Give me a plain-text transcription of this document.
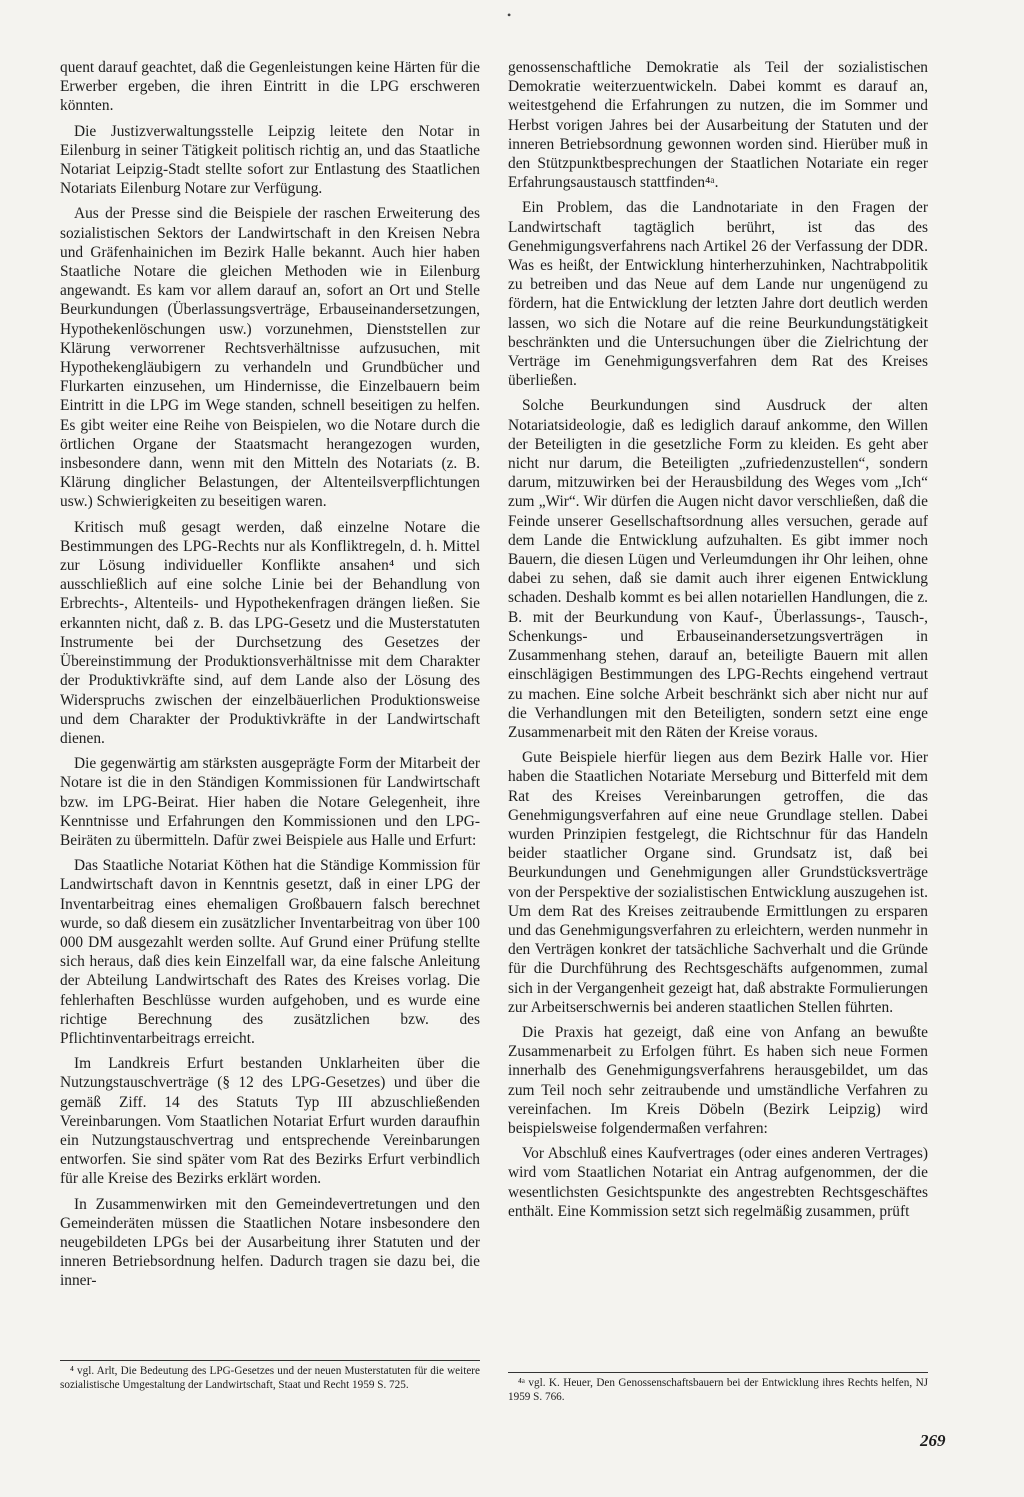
•

quent darauf geachtet, daß die Gegenleistungen keine Härten für die Erwerber ergeben, die ihren Eintritt in die LPG erschweren könnten.

Die Justizverwaltungsstelle Leipzig leitete den Notar in Eilenburg in seiner Tätigkeit politisch richtig an, und das Staatliche Notariat Leipzig-Stadt stellte sofort zur Entlastung des Staatlichen Notariats Eilenburg Notare zur Verfügung.

Aus der Presse sind die Beispiele der raschen Erweiterung des sozialistischen Sektors der Landwirtschaft in den Kreisen Nebra und Gräfenhainichen im Bezirk Halle bekannt. Auch hier haben Staatliche Notare die gleichen Methoden wie in Eilenburg angewandt. Es kam vor allem darauf an, sofort an Ort und Stelle Beurkundungen (Überlassungsverträge, Erbauseinandersetzungen, Hypothekenlöschungen usw.) vorzunehmen, Dienststellen zur Klärung verworrener Rechtsverhältnisse aufzusuchen, mit Hypothekengläubigern zu verhandeln und Grundbücher und Flurkarten einzusehen, um Hindernisse, die Einzelbauern beim Eintritt in die LPG im Wege standen, schnell beseitigen zu helfen. Es gibt weiter eine Reihe von Beispielen, wo die Notare durch die örtlichen Organe der Staatsmacht herangezogen wurden, insbesondere dann, wenn mit den Mitteln des Notariats (z. B. Klärung dinglicher Belastungen, der Altenteilsverpflichtungen usw.) Schwierigkeiten zu beseitigen waren.

Kritisch muß gesagt werden, daß einzelne Notare die Bestimmungen des LPG-Rechts nur als Konfliktregeln, d. h. Mittel zur Lösung individueller Konflikte ansahen⁴ und sich ausschließlich auf eine solche Linie bei der Behandlung von Erbrechts-, Altenteils- und Hypothekenfragen drängen ließen. Sie erkannten nicht, daß z. B. das LPG-Gesetz und die Musterstatuten Instrumente bei der Durchsetzung des Gesetzes der Übereinstimmung der Produktionsverhältnisse mit dem Charakter der Produktivkräfte sind, auf dem Lande also der Lösung des Widerspruchs zwischen der einzelbäuerlichen Produktionsweise und dem Charakter der Produktivkräfte in der Landwirtschaft dienen.

Die gegenwärtig am stärksten ausgeprägte Form der Mitarbeit der Notare ist die in den Ständigen Kommissionen für Landwirtschaft bzw. im LPG-Beirat. Hier haben die Notare Gelegenheit, ihre Kenntnisse und Erfahrungen den Kommissionen und den LPG-Beiräten zu übermitteln. Dafür zwei Beispiele aus Halle und Erfurt:

Das Staatliche Notariat Köthen hat die Ständige Kommission für Landwirtschaft davon in Kenntnis gesetzt, daß in einer LPG der Inventarbeitrag eines ehemaligen Großbauern falsch berechnet wurde, so daß diesem ein zusätzlicher Inventarbeitrag von über 100 000 DM ausgezahlt werden sollte. Auf Grund einer Prüfung stellte sich heraus, daß dies kein Einzelfall war, da eine falsche Anleitung der Abteilung Landwirtschaft des Rates des Kreises vorlag. Die fehlerhaften Beschlüsse wurden aufgehoben, und es wurde eine richtige Berechnung des zusätzlichen bzw. des Pflichtinventarbeitrags erreicht.

Im Landkreis Erfurt bestanden Unklarheiten über die Nutzungstauschverträge (§ 12 des LPG-Gesetzes) und über die gemäß Ziff. 14 des Statuts Typ III abzuschließenden Vereinbarungen. Vom Staatlichen Notariat Erfurt wurden daraufhin ein Nutzungstauschvertrag und entsprechende Vereinbarungen entworfen. Sie sind später vom Rat des Bezirks Erfurt verbindlich für alle Kreise des Bezirks erklärt worden.

In Zusammenwirken mit den Gemeindevertretungen und den Gemeinderäten müssen die Staatlichen Notare insbesondere den neugebildeten LPGs bei der Ausarbeitung ihrer Statuten und der inneren Betriebsordnung helfen. Dadurch tragen sie dazu bei, die inner-

genossenschaftliche Demokratie als Teil der sozialistischen Demokratie weiterzuentwickeln. Dabei kommt es darauf an, weitestgehend die Erfahrungen zu nutzen, die im Sommer und Herbst vorigen Jahres bei der Ausarbeitung der Statuten und der inneren Betriebsordnung gewonnen worden sind. Hierüber muß in den Stützpunktbesprechungen der Staatlichen Notariate ein reger Erfahrungsaustausch stattfinden⁴ᵃ.

Ein Problem, das die Landnotariate in den Fragen der Landwirtschaft tagtäglich berührt, ist das des Genehmigungsverfahrens nach Artikel 26 der Verfassung der DDR. Was es heißt, der Entwicklung hinterherzuhinken, Nachtrabpolitik zu betreiben und das Neue auf dem Lande nur ungenügend zu fördern, hat die Entwicklung der letzten Jahre dort deutlich werden lassen, wo sich die Notare auf die reine Beurkundungstätigkeit beschränkten und die Untersuchungen über die Zielrichtung der Verträge im Genehmigungsverfahren dem Rat des Kreises überließen.

Solche Beurkundungen sind Ausdruck der alten Notariatsideologie, daß es lediglich darauf ankomme, den Willen der Beteiligten in die gesetzliche Form zu kleiden. Es geht aber nicht nur darum, die Beteiligten „zufriedenzustellen“, sondern darum, mitzuwirken bei der Herausbildung des Weges vom „Ich“ zum „Wir“. Wir dürfen die Augen nicht davor verschließen, daß die Feinde unserer Gesellschaftsordnung alles versuchen, gerade auf dem Lande die Entwicklung aufzuhalten. Es gibt immer noch Bauern, die diesen Lügen und Verleumdungen ihr Ohr leihen, ohne dabei zu sehen, daß sie damit auch ihrer eigenen Entwicklung schaden. Deshalb kommt es bei allen notariellen Handlungen, die z. B. mit der Beurkundung von Kauf-, Überlassungs-, Tausch-, Schenkungs- und Erbauseinandersetzungsverträgen in Zusammenhang stehen, darauf an, beteiligte Bauern mit allen einschlägigen Bestimmungen des LPG-Rechts eingehend vertraut zu machen. Eine solche Arbeit beschränkt sich aber nicht nur auf die Verhandlungen mit den Beteiligten, sondern setzt eine enge Zusammenarbeit mit den Räten der Kreise voraus.

Gute Beispiele hierfür liegen aus dem Bezirk Halle vor. Hier haben die Staatlichen Notariate Merseburg und Bitterfeld mit dem Rat des Kreises Vereinbarungen getroffen, die das Genehmigungsverfahren auf eine neue Grundlage stellen. Dabei wurden Prinzipien festgelegt, die Richtschnur für das Handeln beider staatlicher Organe sind. Grundsatz ist, daß bei Beurkundungen und Genehmigungen aller Grundstücksverträge von der Perspektive der sozialistischen Entwicklung auszugehen ist. Um dem Rat des Kreises zeitraubende Ermittlungen zu ersparen und das Genehmigungsverfahren zu erleichtern, werden nunmehr in den Verträgen konkret der tatsächliche Sachverhalt und die Gründe für die Durchführung des Rechtsgeschäfts aufgenommen, zumal sich in der Vergangenheit gezeigt hat, daß abstrakte Formulierungen zur Arbeitserschwernis bei anderen staatlichen Stellen führten.

Die Praxis hat gezeigt, daß eine von Anfang an bewußte Zusammenarbeit zu Erfolgen führt. Es haben sich neue Formen innerhalb des Genehmigungsverfahrens herausgebildet, um das zum Teil noch sehr zeitraubende und umständliche Verfahren zu vereinfachen. Im Kreis Döbeln (Bezirk Leipzig) wird beispielsweise folgendermaßen verfahren:

Vor Abschluß eines Kaufvertrages (oder eines anderen Vertrages) wird vom Staatlichen Notariat ein Antrag aufgenommen, der die wesentlichsten Gesichtspunkte des angestrebten Rechtsgeschäftes enthält. Eine Kommission setzt sich regelmäßig zusammen, prüft

⁴ vgl. Arlt, Die Bedeutung des LPG-Gesetzes und der neuen Musterstatuten für die weitere sozialistische Umgestaltung der Landwirtschaft, Staat und Recht 1959 S. 725.	⁴ᵃ vgl. K. Heuer, Den Genossenschaftsbauern bei der Entwicklung ihres Rechts helfen, NJ 1959 S. 766.

269
